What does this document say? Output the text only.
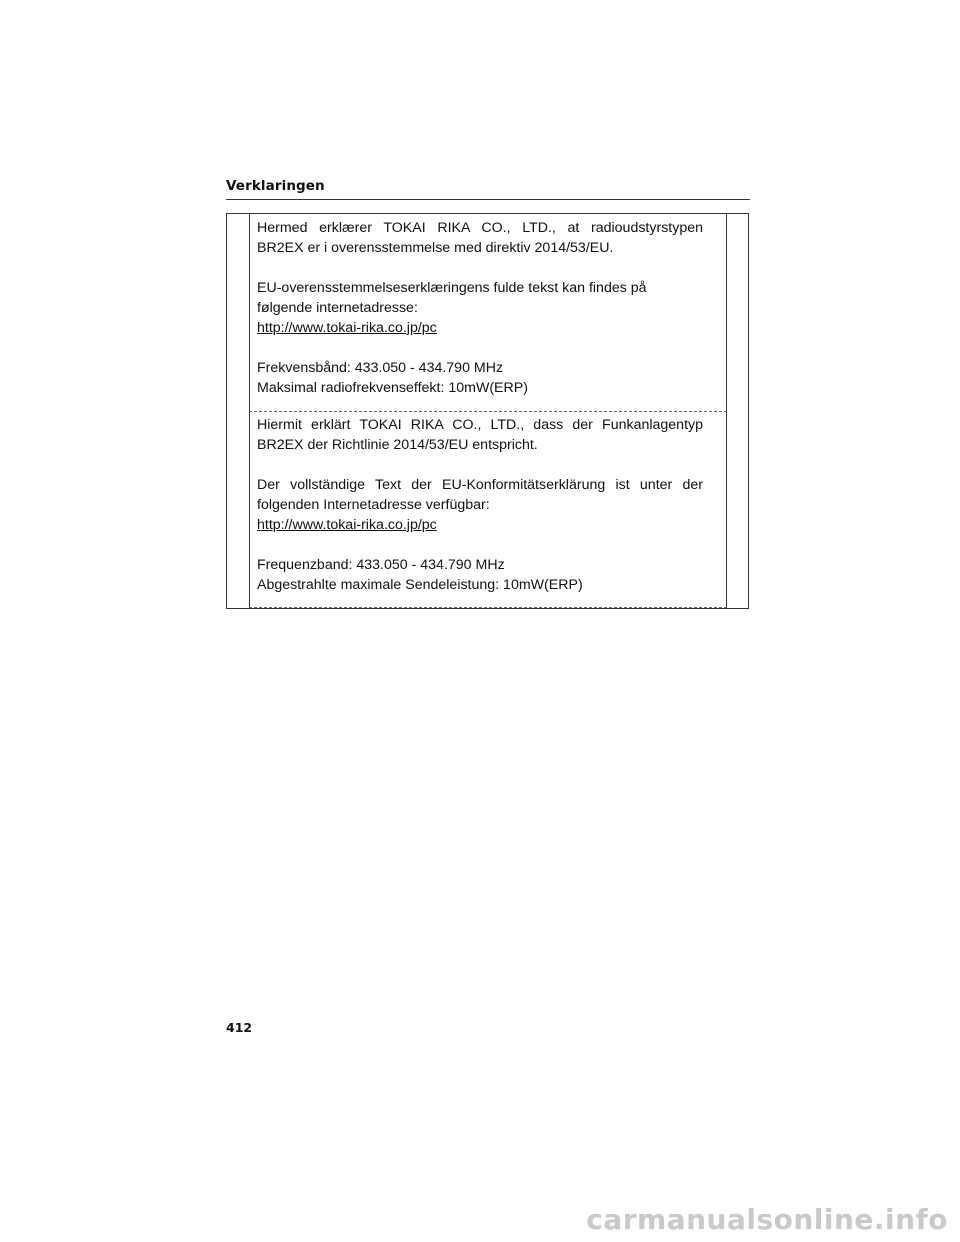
Verklaringen

Hermed erklærer TOKAI RIKA CO., LTD., at radioudstyrstypen
BR2EX er i overensstemmelse med direktiv 2014/53/EU.

EU-overensstemmelseserklæringens fulde tekst kan findes på
følgende internetadresse:
http://www.tokai-rika.co.jp/pc

Frekvensbånd: 433.050 - 434.790 MHz
Maksimal radiofrekvenseffekt: 10mW(ERP)

Hiermit erklärt TOKAI RIKA CO., LTD., dass der Funkanlagentyp
BR2EX der Richtlinie 2014/53/EU entspricht.

Der vollständige Text der EU-Konformitätserklärung ist unter der
folgenden Internetadresse verfügbar:
http://www.tokai-rika.co.jp/pc

Frequenzband: 433.050 - 434.790 MHz
Abgestrahlte maximale Sendeleistung: 10mW(ERP)

412
carmanualsonline.info
